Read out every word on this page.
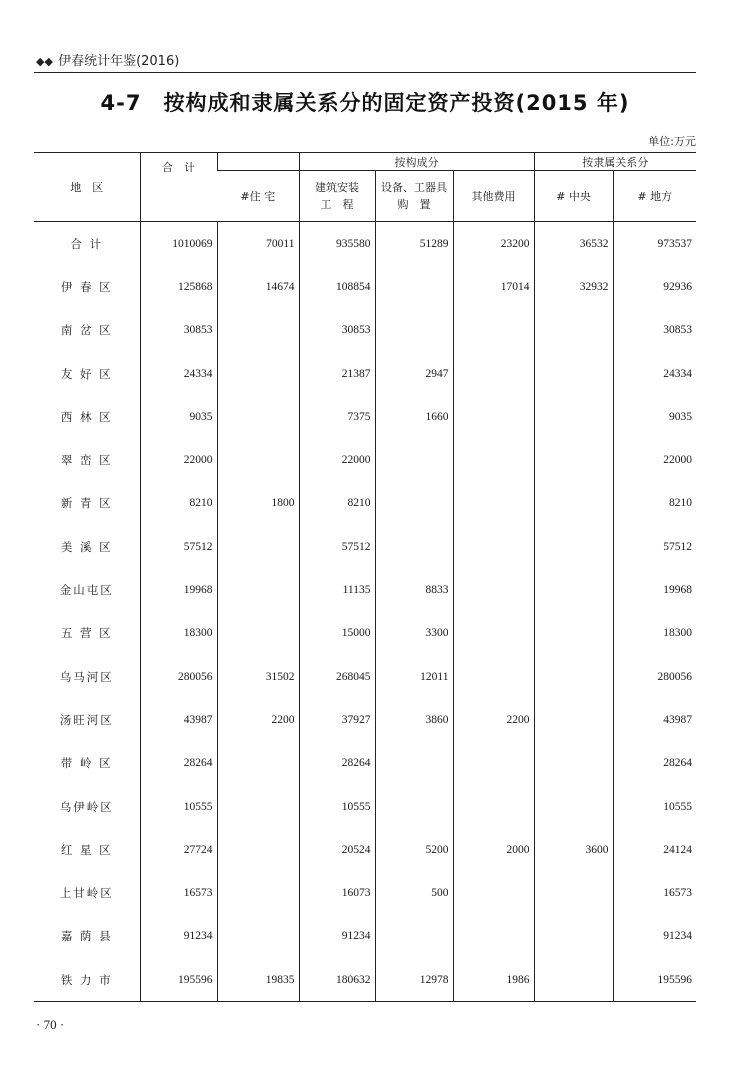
◆◆ 伊春统计年鉴(2016)
4-7　按构成和隶属关系分的固定资产投资(2015 年)
单位:万元
地　区	合　计		按构成分			按隶属关系分	
		#住 宅	建筑安装
工　程	设备、工器具
购　置	其他费用	# 中央	# 地方
合 计	1010069	70011	935580	51289	23200	36532	973537
伊 春 区	125868	14674	108854		17014	32932	92936
南 岔 区	30853		30853				30853
友 好 区	24334		21387	2947			24334
西 林 区	9035		7375	1660			9035
翠 峦 区	22000		22000				22000
新 青 区	8210	1800	8210				8210
美 溪 区	57512		57512				57512
金山屯区	19968		11135	8833			19968
五 营 区	18300		15000	3300			18300
乌马河区	280056	31502	268045	12011			280056
汤旺河区	43987	2200	37927	3860	2200		43987
带 岭 区	28264		28264				28264
乌伊岭区	10555		10555				10555
红 星 区	27724		20524	5200	2000	3600	24124
上甘岭区	16573		16073	500			16573
嘉 荫 县	91234		91234				91234
铁 力 市	195596	19835	180632	12978	1986		195596
· 70 ·
